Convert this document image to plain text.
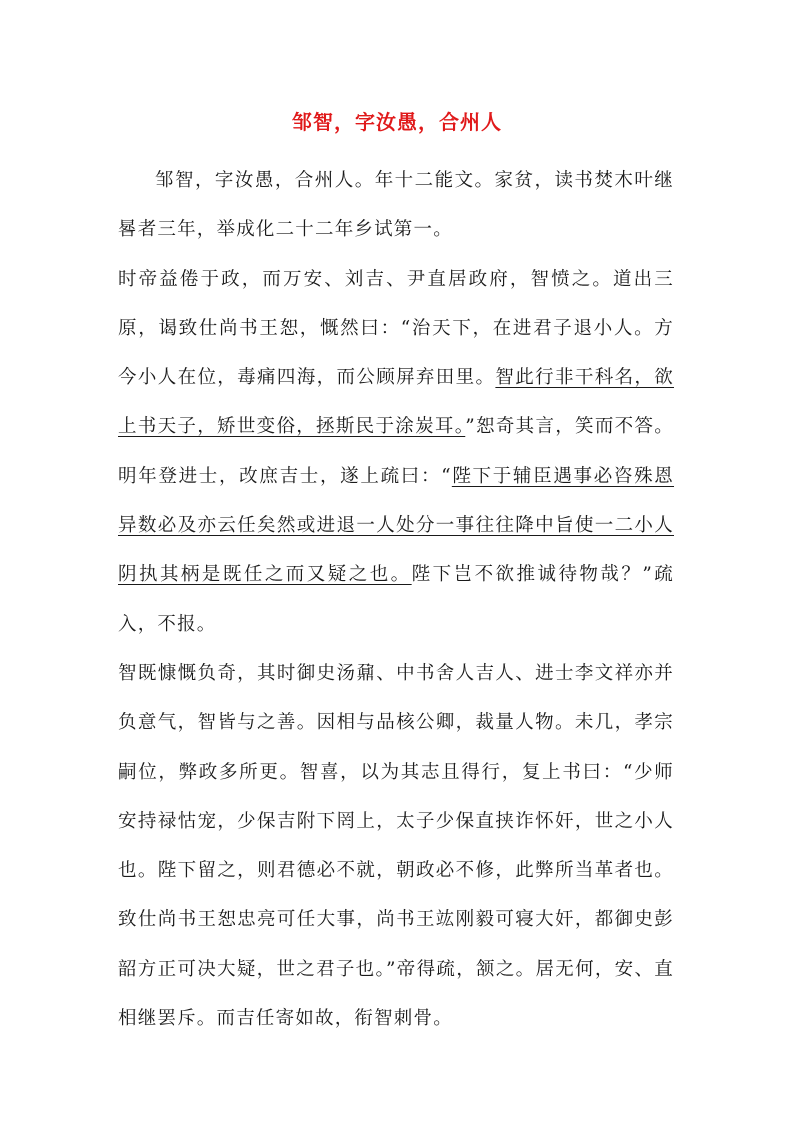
邹智，字汝愚，合州人

邹智，字汝愚，合州人。年十二能文。家贫，读书焚木叶继晷者三年，举成化二十二年乡试第一。

时帝益倦于政，而万安、刘吉、尹直居政府，智愤之。道出三原，谒致仕尚书王恕，慨然曰：“治天下，在进君子退小人。方今小人在位，毒痛四海，而公顾屏弃田里。智此行非干科名，欲上书天子，矫世变俗，拯斯民于涂炭耳。”恕奇其言，笑而不答。明年登进士，改庶吉士，遂上疏曰：“陛下于辅臣遇事必咨殊恩异数必及亦云任矣然或进退一人处分一事往往降中旨使一二小人阴执其柄是既任之而又疑之也。陛下岂不欲推诚待物哉？”疏入，不报。

智既慷慨负奇，其时御史汤鼐、中书舍人吉人、进士李文祥亦并负意气，智皆与之善。因相与品核公卿，裁量人物。未几，孝宗嗣位，弊政多所更。智喜，以为其志且得行，复上书曰：“少师安持禄怙宠，少保吉附下罔上，太子少保直挟诈怀奸，世之小人也。陛下留之，则君德必不就，朝政必不修，此弊所当革者也。致仕尚书王恕忠亮可任大事，尚书王竑刚毅可寝大奸，都御史彭韶方正可决大疑，世之君子也。”帝得疏，颔之。居无何，安、直相继罢斥。而吉任寄如故，衔智刺骨。
